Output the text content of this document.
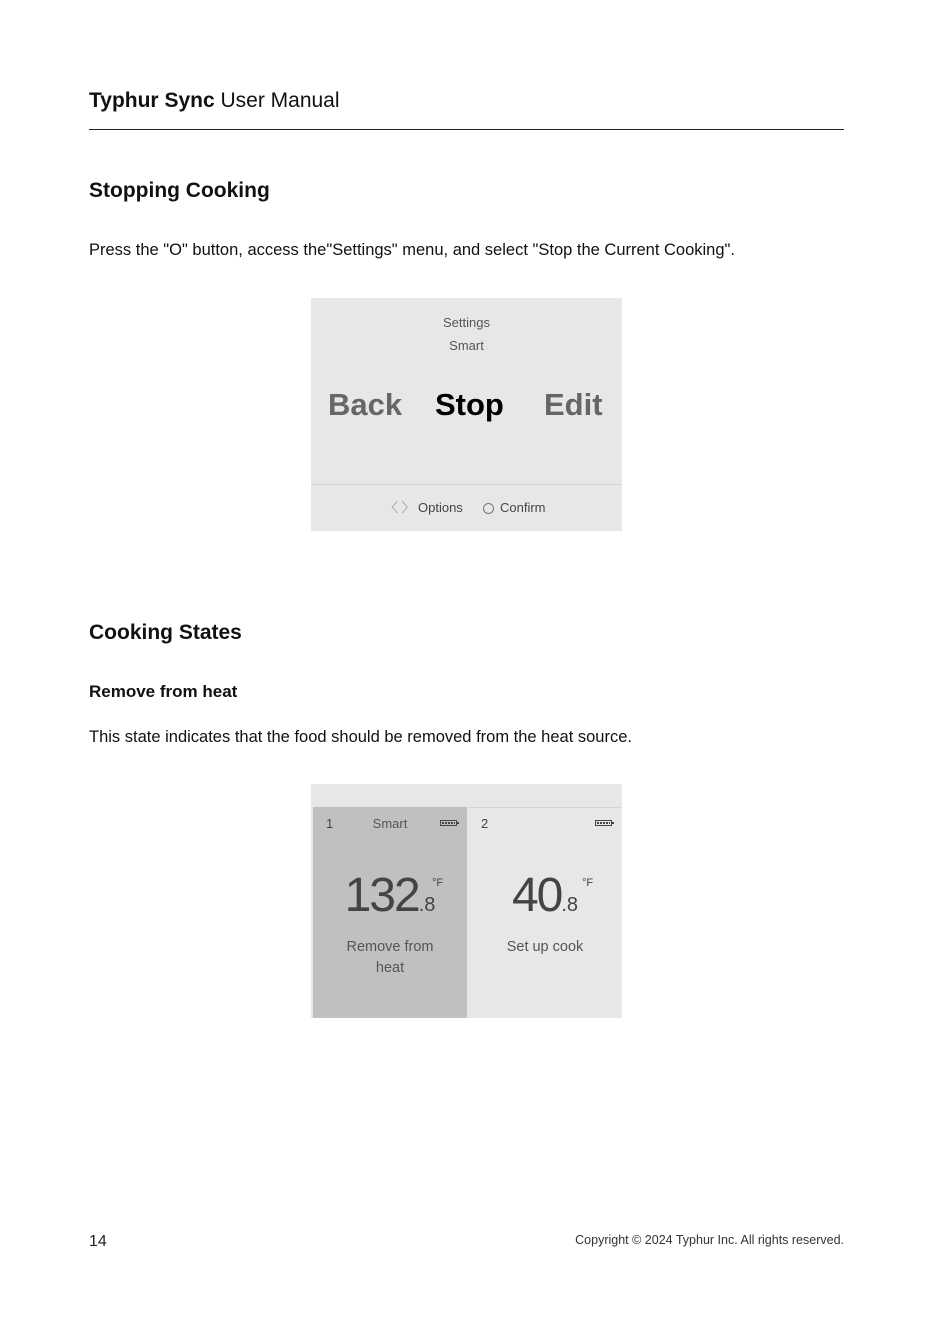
Typhur Sync User Manual
Stopping Cooking
Press the "O" button, access the"Settings" menu, and select "Stop the Current Cooking".
Settings
Smart
Back Stop Edit
〈 〉 Options	Confirm
Cooking States
Remove from heat
This state indicates that the food should be removed from the heat source.
1	Smart
132.8
°F
Remove from heat
2
40.8
°F
Set up cook
14	Copyright © 2024 Typhur Inc. All rights reserved.
